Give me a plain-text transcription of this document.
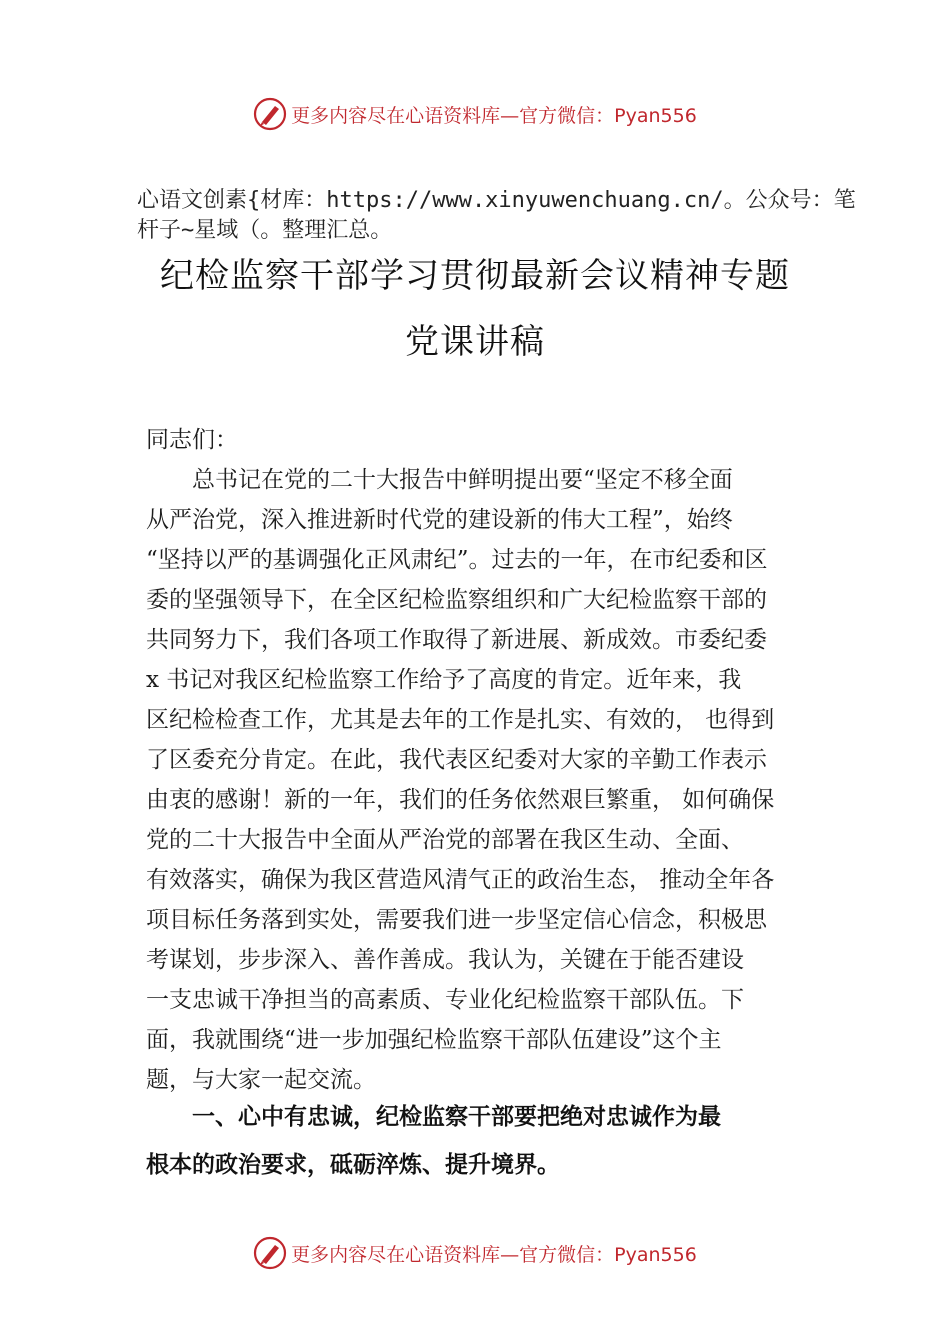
更多内容尽在心语资料库—官方微信：Pyan556
心语文创素{材库：https://www.xinyuwenchuang.cn/。公众号：笔杆子~星域（。整理汇总。
纪检监察干部学习贯彻最新会议精神专题
党课讲稿
同志们：
　　总书记在党的二十大报告中鲜明提出要“坚定不移全面
从严治党，深入推进新时代党的建设新的伟大工程”，始终
“坚持以严的基调强化正风肃纪”。过去的一年，在市纪委和区
委的坚强领导下，在全区纪检监察组织和广大纪检监察干部的
共同努力下，我们各项工作取得了新进展、新成效。市委纪委
x 书记对我区纪检监察工作给予了高度的肯定。近年来，我
区纪检检查工作，尤其是去年的工作是扎实、有效的， 也得到
了区委充分肯定。在此，我代表区纪委对大家的辛勤工作表示
由衷的感谢！新的一年，我们的任务依然艰巨繁重， 如何确保
党的二十大报告中全面从严治党的部署在我区生动、全面、
有效落实，确保为我区营造风清气正的政治生态， 推动全年各
项目标任务落到实处，需要我们进一步坚定信心信念，积极思
考谋划，步步深入、善作善成。我认为，关键在于能否建设
一支忠诚干净担当的高素质、专业化纪检监察干部队伍。下
面，我就围绕“进一步加强纪检监察干部队伍建设”这个主
题，与大家一起交流。
　　一、心中有忠诚，纪检监察干部要把绝对忠诚作为最
根本的政治要求，砥砺淬炼、提升境界。
更多内容尽在心语资料库—官方微信：Pyan556
